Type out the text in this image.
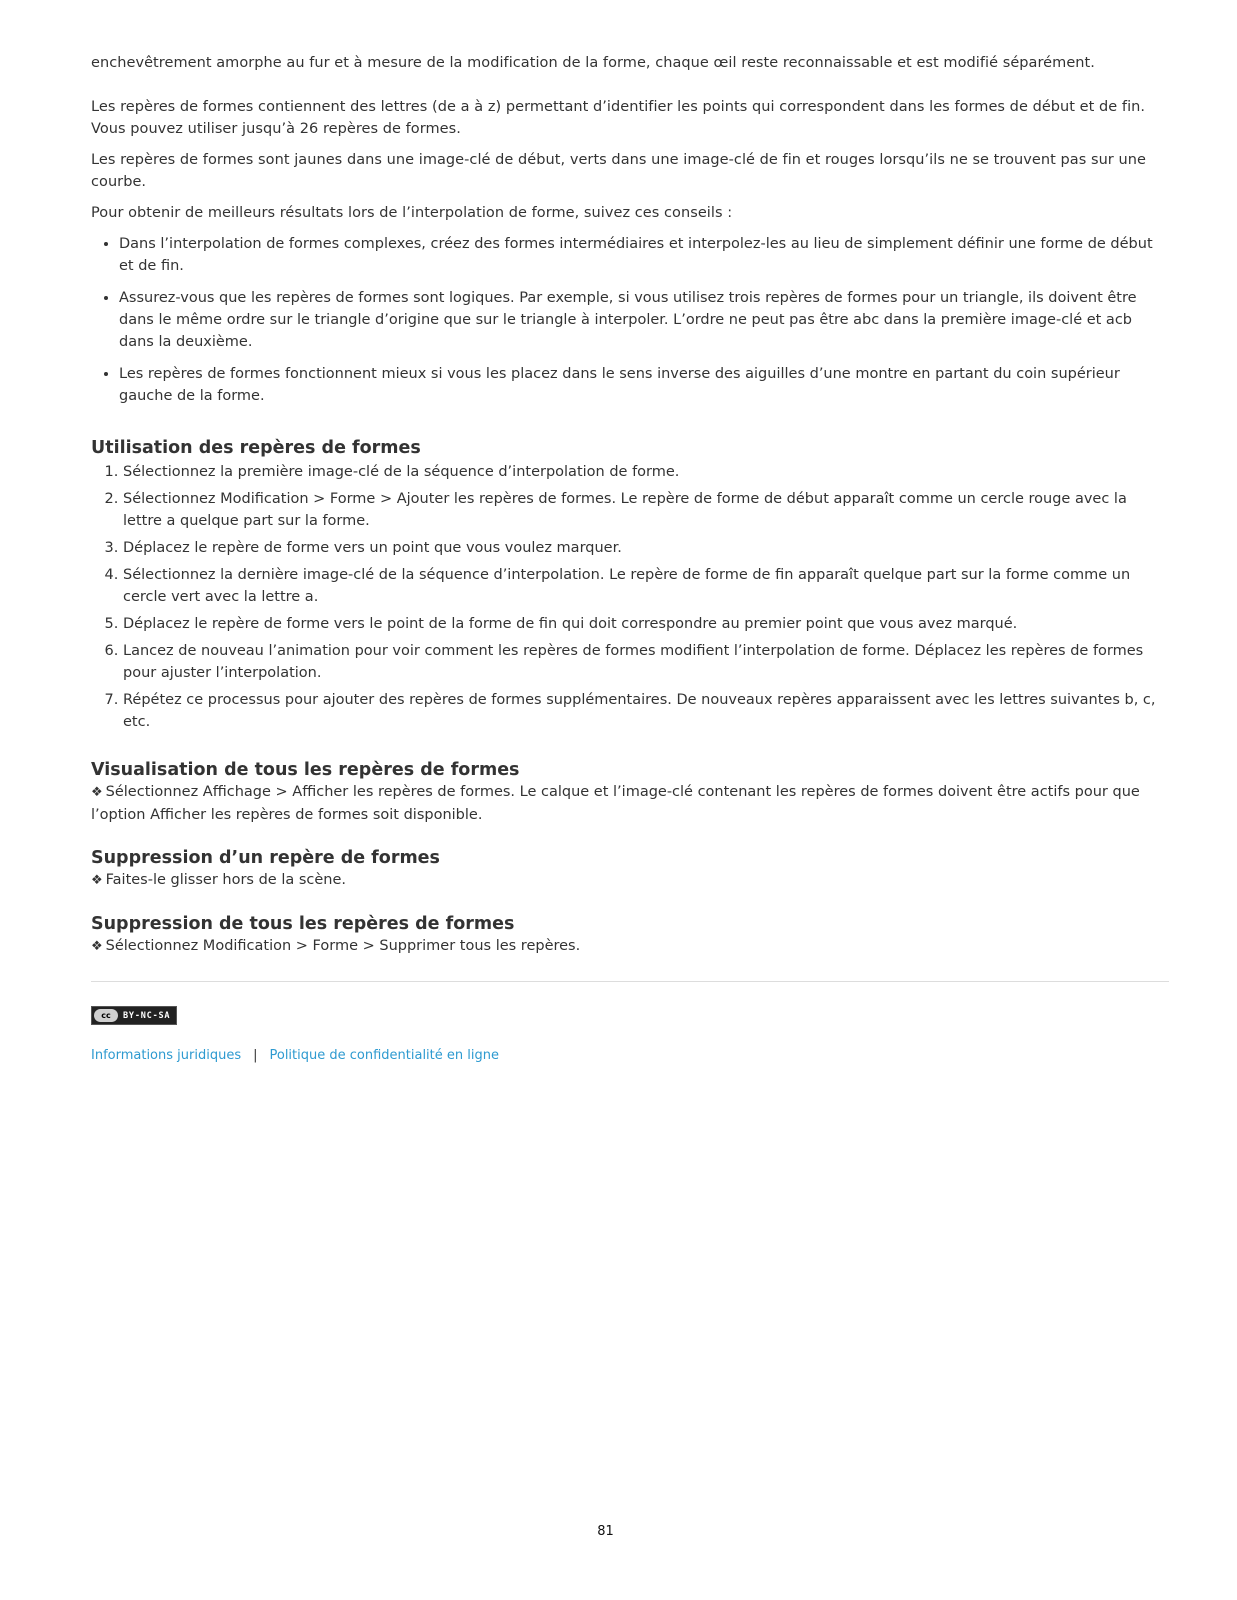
enchevêtrement amorphe au fur et à mesure de la modification de la forme, chaque œil reste reconnaissable et est modifié séparément.

Les repères de formes contiennent des lettres (de a à z) permettant d’identifier les points qui correspondent dans les formes de début et de fin. Vous pouvez utiliser jusqu’à 26 repères de formes.

Les repères de formes sont jaunes dans une image-clé de début, verts dans une image-clé de fin et rouges lorsqu’ils ne se trouvent pas sur une courbe.

Pour obtenir de meilleurs résultats lors de l’interpolation de forme, suivez ces conseils :

• Dans l’interpolation de formes complexes, créez des formes intermédiaires et interpolez-les au lieu de simplement définir une forme de début et de fin.
• Assurez-vous que les repères de formes sont logiques. Par exemple, si vous utilisez trois repères de formes pour un triangle, ils doivent être dans le même ordre sur le triangle d’origine que sur le triangle à interpoler. L’ordre ne peut pas être abc dans la première image-clé et acb dans la deuxième.
• Les repères de formes fonctionnent mieux si vous les placez dans le sens inverse des aiguilles d’une montre en partant du coin supérieur gauche de la forme.
Utilisation des repères de formes
1. Sélectionnez la première image-clé de la séquence d’interpolation de forme.
2. Sélectionnez Modification > Forme > Ajouter les repères de formes. Le repère de forme de début apparaît comme un cercle rouge avec la lettre a quelque part sur la forme.
3. Déplacez le repère de forme vers un point que vous voulez marquer.
4. Sélectionnez la dernière image-clé de la séquence d’interpolation. Le repère de forme de fin apparaît quelque part sur la forme comme un cercle vert avec la lettre a.
5. Déplacez le repère de forme vers le point de la forme de fin qui doit correspondre au premier point que vous avez marqué.
6. Lancez de nouveau l’animation pour voir comment les repères de formes modifient l’interpolation de forme. Déplacez les repères de formes pour ajuster l’interpolation.
7. Répétez ce processus pour ajouter des repères de formes supplémentaires. De nouveaux repères apparaissent avec les lettres suivantes b, c, etc.
Visualisation de tous les repères de formes
❖ Sélectionnez Affichage > Afficher les repères de formes. Le calque et l’image-clé contenant les repères de formes doivent être actifs pour que l’option Afficher les repères de formes soit disponible.
Suppression d’un repère de formes
❖ Faites-le glisser hors de la scène.
Suppression de tous les repères de formes
❖ Sélectionnez Modification > Forme > Supprimer tous les repères.
cc	BY-NC-SA
Informations juridiques | Politique de confidentialité en ligne
81
